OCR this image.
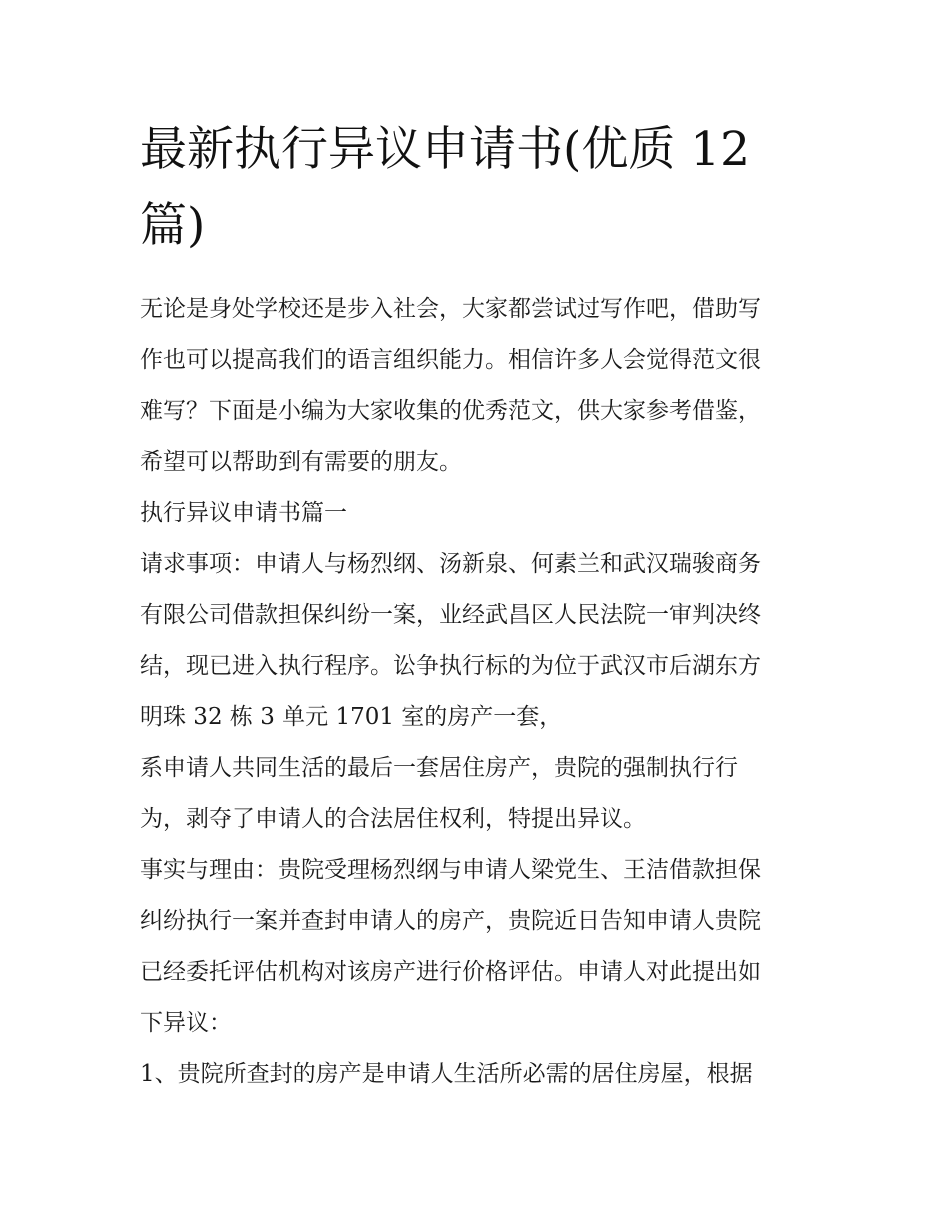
最新执行异议申请书(优质 12
篇)

无论是身处学校还是步入社会，大家都尝试过写作吧，借助写
作也可以提高我们的语言组织能力。相信许多人会觉得范文很
难写？下面是小编为大家收集的优秀范文，供大家参考借鉴，
希望可以帮助到有需要的朋友。

执行异议申请书篇一

请求事项：申请人与杨烈纲、汤新泉、何素兰和武汉瑞骏商务
有限公司借款担保纠纷一案，业经武昌区人民法院一审判决终
结，现已进入执行程序。讼争执行标的为位于武汉市后湖东方
明珠 32 栋 3 单元 1701 室的房产一套，

系申请人共同生活的最后一套居住房产，贵院的强制执行行
为，剥夺了申请人的合法居住权利，特提出异议。

事实与理由：贵院受理杨烈纲与申请人梁党生、王洁借款担保
纠纷执行一案并查封申请人的房产，贵院近日告知申请人贵院
已经委托评估机构对该房产进行价格评估。申请人对此提出如
下异议：

1、贵院所查封的房产是申请人生活所必需的居住房屋，根据
